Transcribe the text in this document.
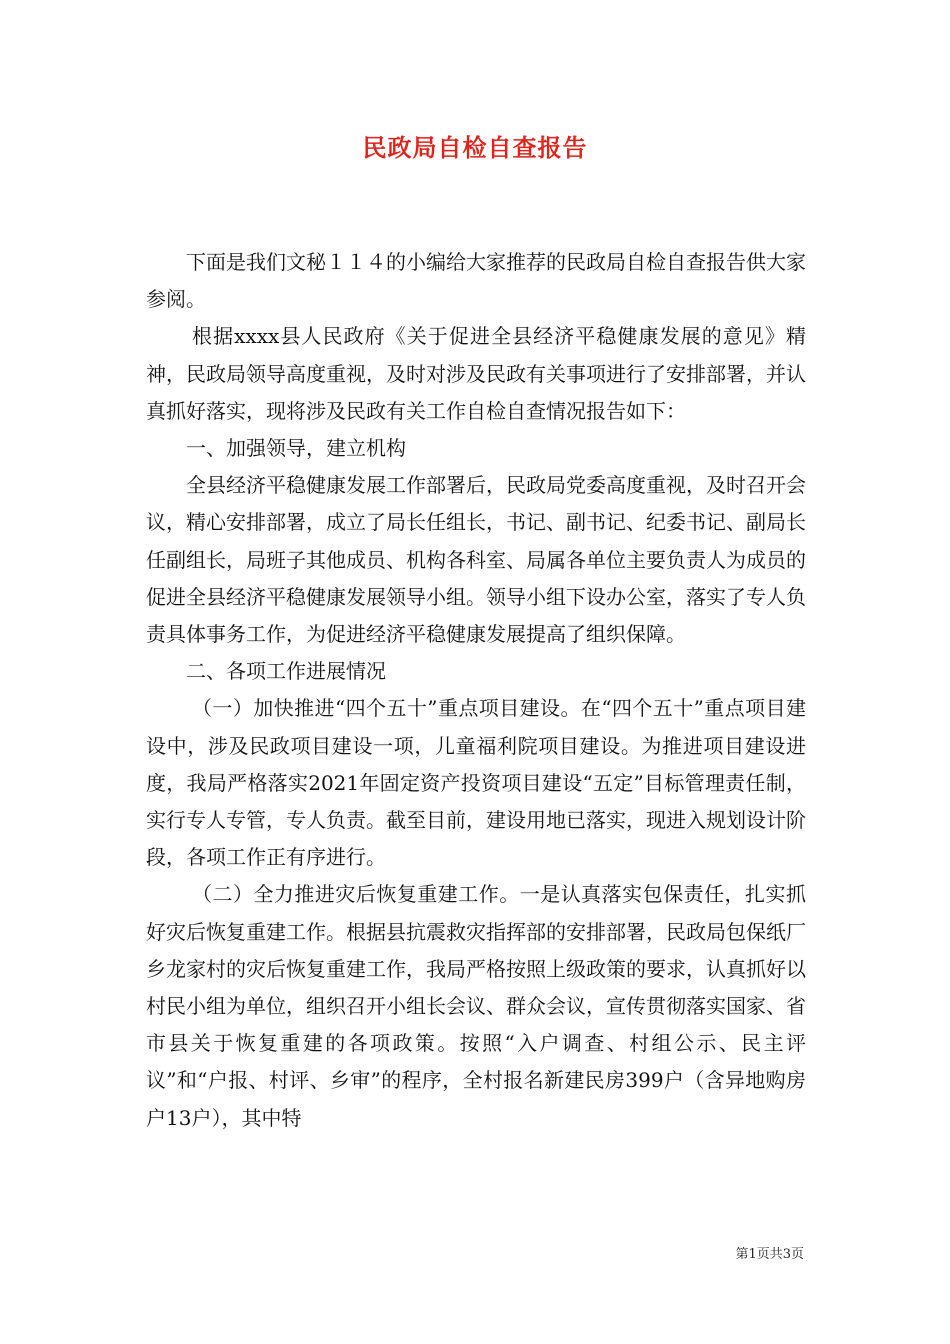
民政局自检自查报告

下面是我们文秘１１４的小编给大家推荐的民政局自检自查报告供大家参阅。

根据xxxx县人民政府《关于促进全县经济平稳健康发展的意见》精神，民政局领导高度重视，及时对涉及民政有关事项进行了安排部署，并认真抓好落实，现将涉及民政有关工作自检自查情况报告如下：

一、加强领导，建立机构

全县经济平稳健康发展工作部署后，民政局党委高度重视，及时召开会议，精心安排部署，成立了局长任组长，书记、副书记、纪委书记、副局长任副组长，局班子其他成员、机构各科室、局属各单位主要负责人为成员的促进全县经济平稳健康发展领导小组。领导小组下设办公室，落实了专人负责具体事务工作，为促进经济平稳健康发展提高了组织保障。

二、各项工作进展情况

（一）加快推进“四个五十”重点项目建设。在“四个五十”重点项目建设中，涉及民政项目建设一项，儿童福利院项目建设。为推进项目建设进度，我局严格落实2021年固定资产投资项目建设“五定”目标管理责任制，实行专人专管，专人负责。截至目前，建设用地已落实，现进入规划设计阶段，各项工作正有序进行。

（二）全力推进灾后恢复重建工作。一是认真落实包保责任，扎实抓好灾后恢复重建工作。根据县抗震救灾指挥部的安排部署，民政局包保纸厂乡龙家村的灾后恢复重建工作，我局严格按照上级政策的要求，认真抓好以村民小组为单位，组织召开小组长会议、群众会议，宣传贯彻落实国家、省市县关于恢复重建的各项政策。按照“入户调查、村组公示、民主评议”和“户报、村评、乡审”的程序，全村报名新建民房399户（含异地购房户13户），其中特

第1页共3页
